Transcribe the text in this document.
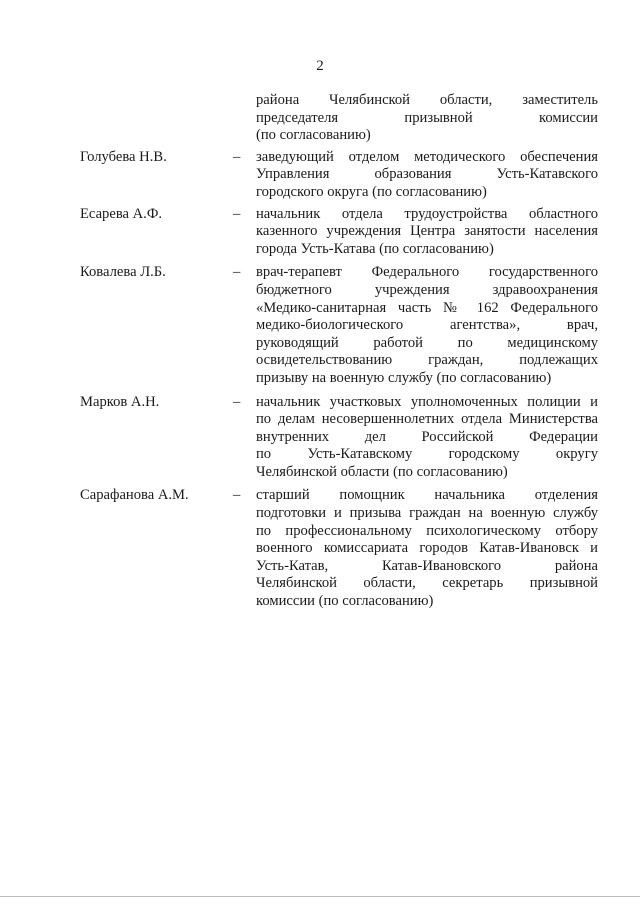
2
района Челябинской области, заместитель
председателя призывной комиссии
(по согласованию)
Голубева Н.В.	– заведующий отделом методического обеспечения
Управления образования Усть-Катавского
городского округа (по согласованию)
Есарева А.Ф.	– начальник отдела трудоустройства областного
казенного учреждения Центра занятости населения
города Усть-Катава (по согласованию)
Ковалева Л.Б.	– врач-терапевт Федерального государственного
бюджетного учреждения здравоохранения
«Медико-санитарная часть № 162 Федерального
медико-биологического агентства», врач,
руководящий работой по медицинскому
освидетельствованию граждан, подлежащих
призыву на военную службу (по согласованию)
Марков А.Н.	– начальник участковых уполномоченных полиции и
по делам несовершеннолетних отдела Министерства
внутренних дел Российской Федерации
по Усть-Катавскому городскому округу
Челябинской области (по согласованию)
Сарафанова А.М.	– старший помощник начальника отделения
подготовки и призыва граждан на военную службу
по профессиональному психологическому отбору
военного комиссариата городов Катав-Ивановск и
Усть-Катав, Катав-Ивановского района
Челябинской области, секретарь призывной
комиссии (по согласованию)
